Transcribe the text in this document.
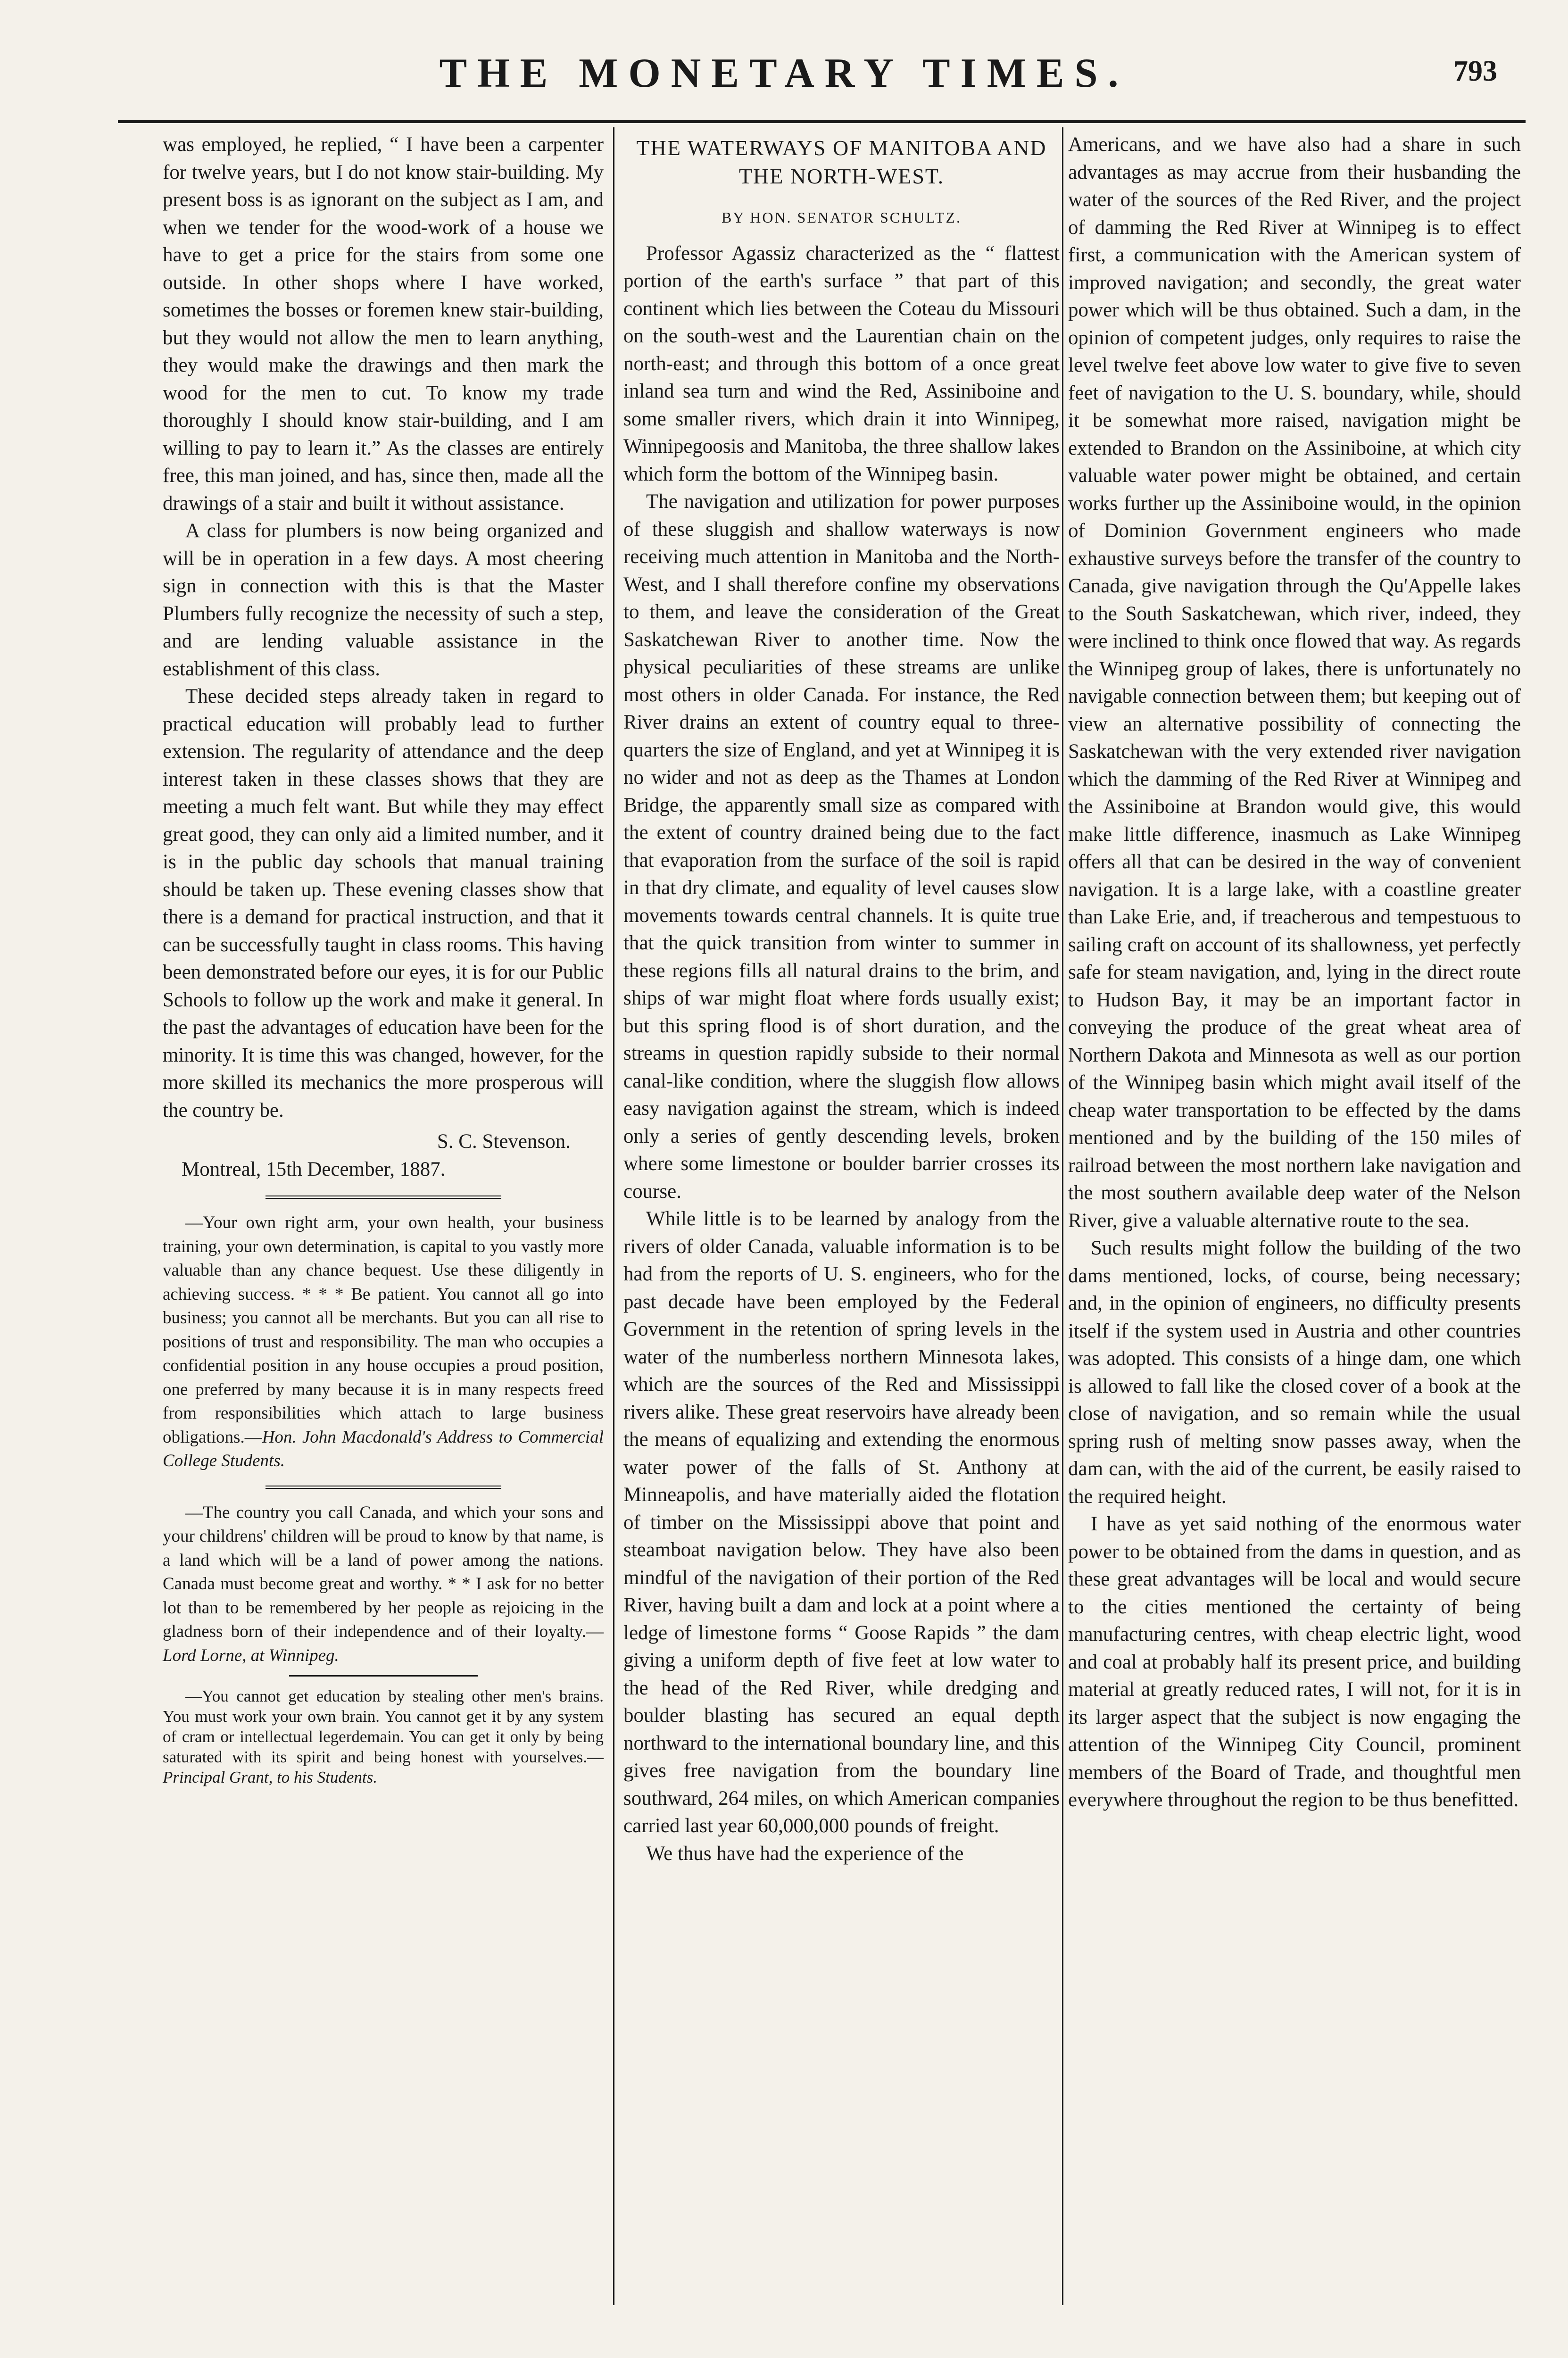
THE MONETARY TIMES.	793

was employed, he replied, “ I have been a carpenter for twelve years, but I do not know stair-building. My present boss is as ignorant on the subject as I am, and when we tender for the wood-work of a house we have to get a price for the stairs from some one outside. In other shops where I have worked, sometimes the bosses or foremen knew stair-building, but they would not allow the men to learn anything, they would make the drawings and then mark the wood for the men to cut. To know my trade thoroughly I should know stair-building, and I am willing to pay to learn it.” As the classes are entirely free, this man joined, and has, since then, made all the drawings of a stair and built it without assistance.

A class for plumbers is now being organized and will be in operation in a few days. A most cheering sign in connection with this is that the Master Plumbers fully recognize the necessity of such a step, and are lending valuable assistance in the establishment of this class.

These decided steps already taken in regard to practical education will probably lead to further extension. The regularity of attendance and the deep interest taken in these classes shows that they are meeting a much felt want. But while they may effect great good, they can only aid a limited number, and it is in the public day schools that manual training should be taken up. These evening classes show that there is a demand for practical instruction, and that it can be successfully taught in class rooms. This having been demonstrated before our eyes, it is for our Public Schools to follow up the work and make it general. In the past the advantages of education have been for the minority. It is time this was changed, however, for the more skilled its mechanics the more prosperous will the country be.

S. C. Stevenson.

Montreal, 15th December, 1887.

—Your own right arm, your own health, your business training, your own determination, is capital to you vastly more valuable than any chance bequest. Use these diligently in achieving success. * * * Be patient. You cannot all go into business; you cannot all be merchants. But you can all rise to positions of trust and responsibility. The man who occupies a confidential position in any house occupies a proud position, one preferred by many because it is in many respects freed from responsibilities which attach to large business obligations.—Hon. John Macdonald's Address to Commercial College Students.

—The country you call Canada, and which your sons and your childrens' children will be proud to know by that name, is a land which will be a land of power among the nations. Canada must become great and worthy. * * I ask for no better lot than to be remembered by her people as rejoicing in the gladness born of their independence and of their loyalty.—Lord Lorne, at Winnipeg.

—You cannot get education by stealing other men's brains. You must work your own brain. You cannot get it by any system of cram or intellectual legerdemain. You can get it only by being saturated with its spirit and being honest with yourselves.—Principal Grant, to his Students.

THE WATERWAYS OF MANITOBA AND THE NORTH-WEST.
BY HON. SENATOR SCHULTZ.

Professor Agassiz characterized as the “ flattest portion of the earth's surface ” that part of this continent which lies between the Coteau du Missouri on the south-west and the Laurentian chain on the north-east; and through this bottom of a once great inland sea turn and wind the Red, Assiniboine and some smaller rivers, which drain it into Winnipeg, Winnipegoosis and Manitoba, the three shallow lakes which form the bottom of the Winnipeg basin.

The navigation and utilization for power purposes of these sluggish and shallow waterways is now receiving much attention in Manitoba and the North-West, and I shall therefore confine my observations to them, and leave the consideration of the Great Saskatchewan River to another time. Now the physical peculiarities of these streams are unlike most others in older Canada. For instance, the Red River drains an extent of country equal to three-quarters the size of England, and yet at Winnipeg it is no wider and not as deep as the Thames at London Bridge, the apparently small size as compared with the extent of country drained being due to the fact that evaporation from the surface of the soil is rapid in that dry climate, and equality of level causes slow movements towards central channels. It is quite true that the quick transition from winter to summer in these regions fills all natural drains to the brim, and ships of war might float where fords usually exist; but this spring flood is of short duration, and the streams in question rapidly subside to their normal canal-like condition, where the sluggish flow allows easy navigation against the stream, which is indeed only a series of gently descending levels, broken where some limestone or boulder barrier crosses its course.

While little is to be learned by analogy from the rivers of older Canada, valuable information is to be had from the reports of U. S. engineers, who for the past decade have been employed by the Federal Government in the retention of spring levels in the water of the numberless northern Minnesota lakes, which are the sources of the Red and Mississippi rivers alike. These great reservoirs have already been the means of equalizing and extending the enormous water power of the falls of St. Anthony at Minneapolis, and have materially aided the flotation of timber on the Mississippi above that point and steamboat navigation below. They have also been mindful of the navigation of their portion of the Red River, having built a dam and lock at a point where a ledge of limestone forms “ Goose Rapids ” the dam giving a uniform depth of five feet at low water to the head of the Red River, while dredging and boulder blasting has secured an equal depth northward to the international boundary line, and this gives free navigation from the boundary line southward, 264 miles, on which American companies carried last year 60,000,000 pounds of freight.

We thus have had the experience of the

Americans, and we have also had a share in such advantages as may accrue from their husbanding the water of the sources of the Red River, and the project of damming the Red River at Winnipeg is to effect first, a communication with the American system of improved navigation; and secondly, the great water power which will be thus obtained. Such a dam, in the opinion of competent judges, only requires to raise the level twelve feet above low water to give five to seven feet of navigation to the U. S. boundary, while, should it be somewhat more raised, navigation might be extended to Brandon on the Assiniboine, at which city valuable water power might be obtained, and certain works further up the Assiniboine would, in the opinion of Dominion Government engineers who made exhaustive surveys before the transfer of the country to Canada, give navigation through the Qu'Appelle lakes to the South Saskatchewan, which river, indeed, they were inclined to think once flowed that way. As regards the Winnipeg group of lakes, there is unfortunately no navigable connection between them; but keeping out of view an alternative possibility of connecting the Saskatchewan with the very extended river navigation which the damming of the Red River at Winnipeg and the Assiniboine at Brandon would give, this would make little difference, inasmuch as Lake Winnipeg offers all that can be desired in the way of convenient navigation. It is a large lake, with a coastline greater than Lake Erie, and, if treacherous and tempestuous to sailing craft on account of its shallowness, yet perfectly safe for steam navigation, and, lying in the direct route to Hudson Bay, it may be an important factor in conveying the produce of the great wheat area of Northern Dakota and Minnesota as well as our portion of the Winnipeg basin which might avail itself of the cheap water transportation to be effected by the dams mentioned and by the building of the 150 miles of railroad between the most northern lake navigation and the most southern available deep water of the Nelson River, give a valuable alternative route to the sea.

Such results might follow the building of the two dams mentioned, locks, of course, being necessary; and, in the opinion of engineers, no difficulty presents itself if the system used in Austria and other countries was adopted. This consists of a hinge dam, one which is allowed to fall like the closed cover of a book at the close of navigation, and so remain while the usual spring rush of melting snow passes away, when the dam can, with the aid of the current, be easily raised to the required height.

I have as yet said nothing of the enormous water power to be obtained from the dams in question, and as these great advantages will be local and would secure to the cities mentioned the certainty of being manufacturing centres, with cheap electric light, wood and coal at probably half its present price, and building material at greatly reduced rates, I will not, for it is in its larger aspect that the subject is now engaging the attention of the Winnipeg City Council, prominent members of the Board of Trade, and thoughtful men everywhere throughout the region to be thus benefitted.
